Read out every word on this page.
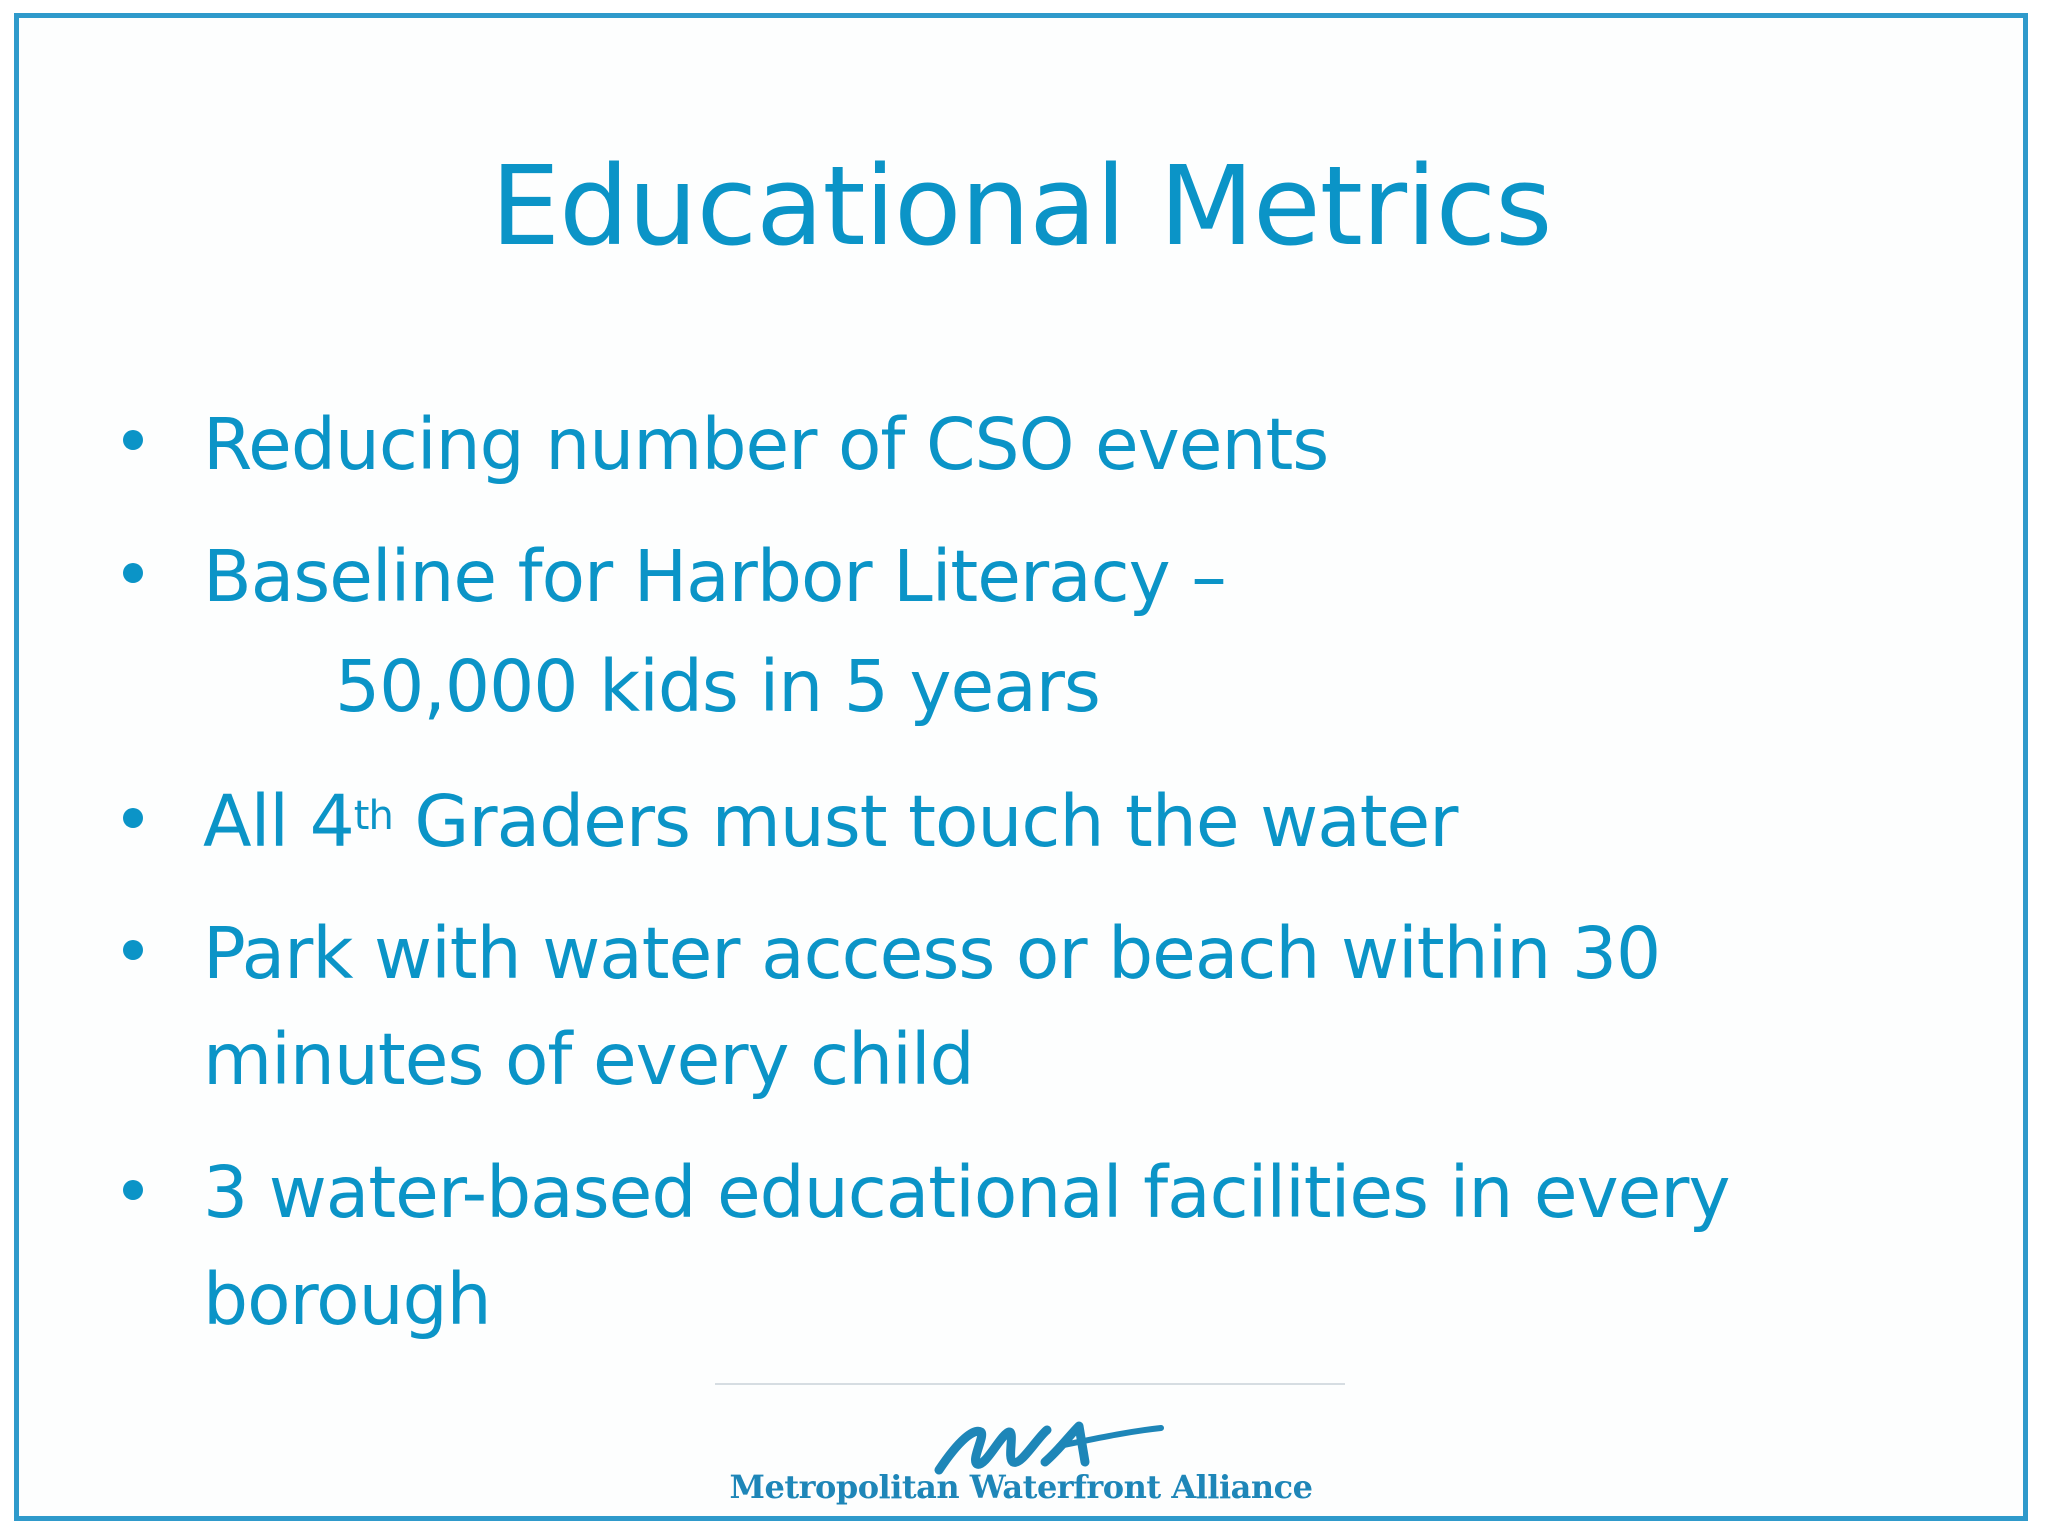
Educational Metrics
Reducing number of CSO events
Baseline for Harbor Literacy –
50,000 kids in 5 years
All 4th Graders must touch the water
Park with water access or beach within 30
minutes of every child
3 water-based educational facilities in every
borough
Metropolitan Waterfront Alliance
